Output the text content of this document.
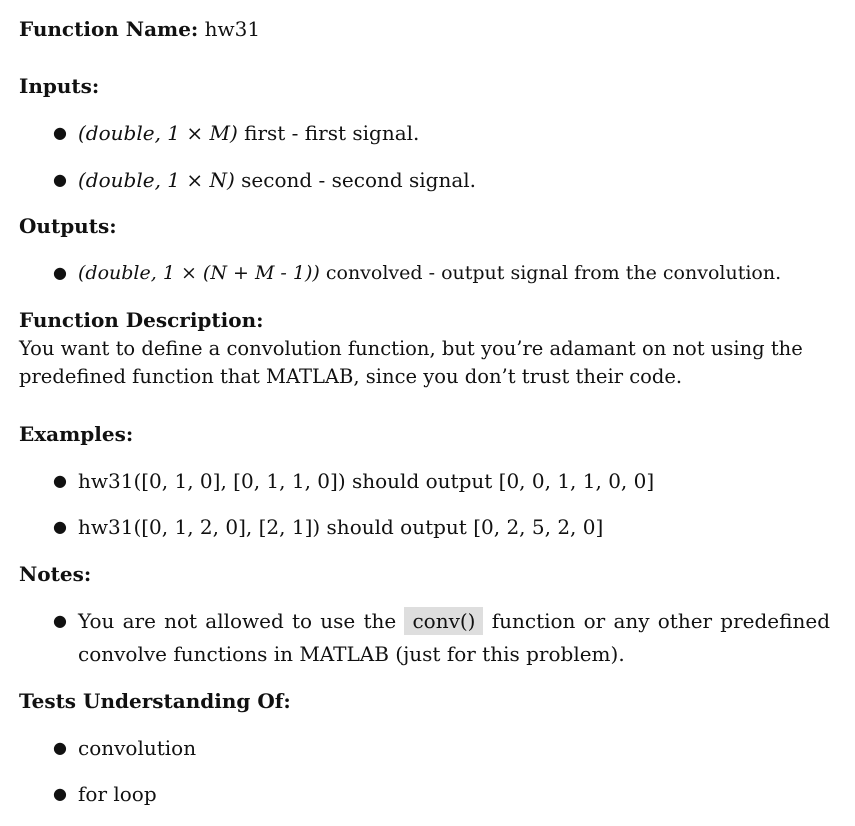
Function Name: hw31
Inputs:
● (double, 1 × M) first - first signal.
● (double, 1 × N) second - second signal.
Outputs:
● (double, 1 × (N + M - 1)) convolved - output signal from the convolution.
Function Description:
You want to define a convolution function, but you’re adamant on not using the predefined function that MATLAB, since you don’t trust their code.
Examples:
● hw31([0, 1, 0], [0, 1, 1, 0]) should output [0, 0, 1, 1, 0, 0]
● hw31([0, 1, 2, 0], [2, 1]) should output [0, 2, 5, 2, 0]
Notes:
● You are not allowed to use the conv() function or any other predefined convolve functions in MATLAB (just for this problem).
Tests Understanding Of:
● convolution
● for loop
